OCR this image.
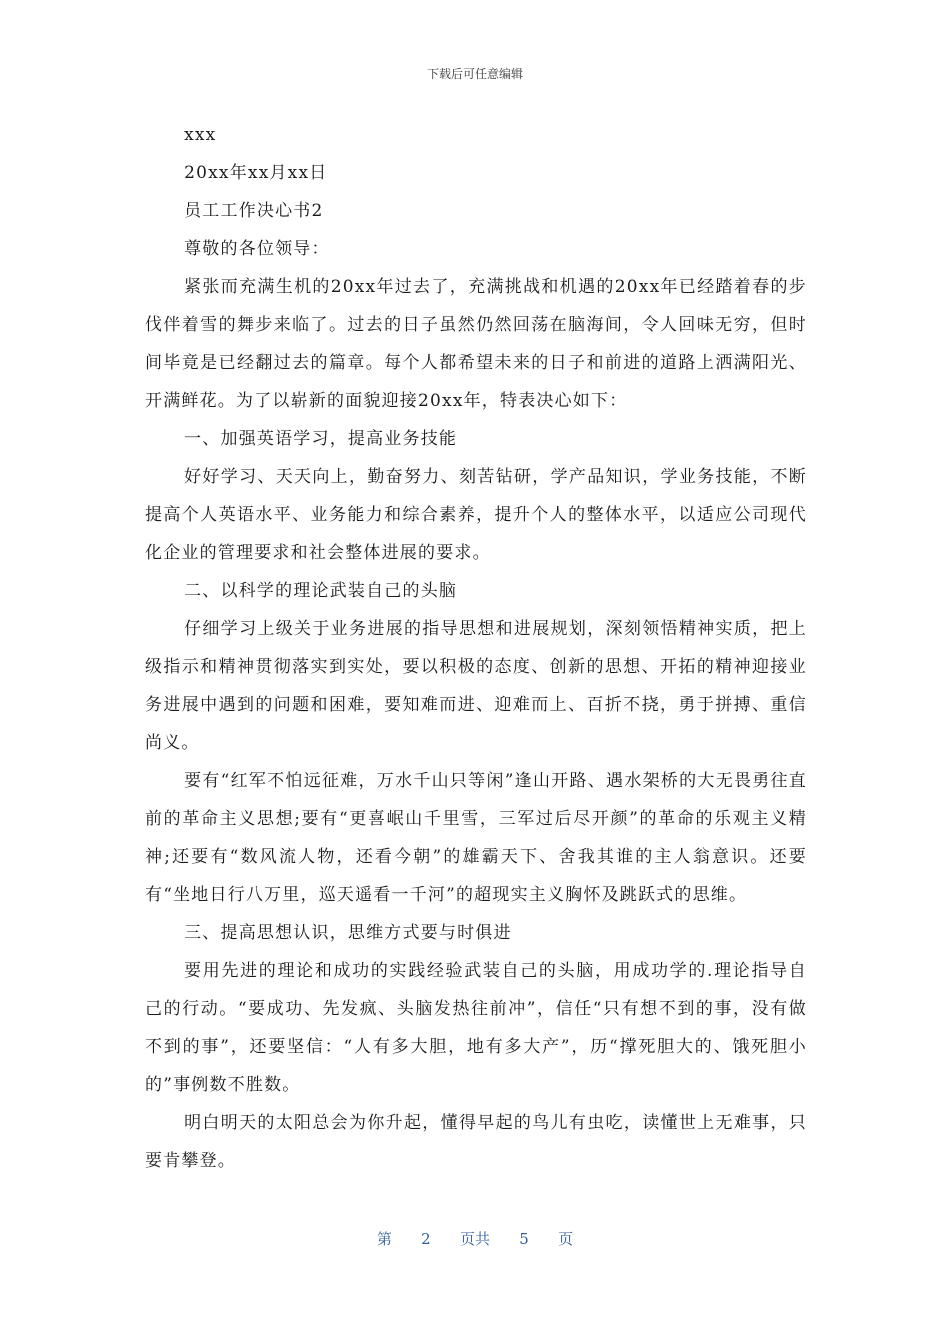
下载后可任意编辑

xxx

20xx年xx月xx日

员工工作决心书2

尊敬的各位领导：

紧张而充满生机的20xx年过去了，充满挑战和机遇的20xx年已经踏着春的步伐伴着雪的舞步来临了。过去的日子虽然仍然回荡在脑海间，令人回味无穷，但时间毕竟是已经翻过去的篇章。每个人都希望未来的日子和前进的道路上洒满阳光、开满鲜花。为了以崭新的面貌迎接20xx年，特表决心如下：

一、加强英语学习，提高业务技能

好好学习、天天向上，勤奋努力、刻苦钻研，学产品知识，学业务技能，不断提高个人英语水平、业务能力和综合素养，提升个人的整体水平，以适应公司现代化企业的管理要求和社会整体进展的要求。

二、以科学的理论武装自己的头脑

仔细学习上级关于业务进展的指导思想和进展规划，深刻领悟精神实质，把上级指示和精神贯彻落实到实处，要以积极的态度、创新的思想、开拓的精神迎接业务进展中遇到的问题和困难，要知难而进、迎难而上、百折不挠，勇于拼搏、重信尚义。

要有“红军不怕远征难，万水千山只等闲”逢山开路、遇水架桥的大无畏勇往直前的革命主义思想;要有“更喜岷山千里雪，三军过后尽开颜”的革命的乐观主义精神;还要有“数风流人物，还看今朝”的雄霸天下、舍我其谁的主人翁意识。还要有“坐地日行八万里，巡天遥看一千河”的超现实主义胸怀及跳跃式的思维。

三、提高思想认识，思维方式要与时俱进

要用先进的理论和成功的实践经验武装自己的头脑，用成功学的.理论指导自己的行动。“要成功、先发疯、头脑发热往前冲”，信任“只有想不到的事，没有做不到的事”，还要坚信：“人有多大胆，地有多大产”，历“撑死胆大的、饿死胆小的”事例数不胜数。

明白明天的太阳总会为你升起，懂得早起的鸟儿有虫吃，读懂世上无难事，只要肯攀登。

第 2 页共 5 页
